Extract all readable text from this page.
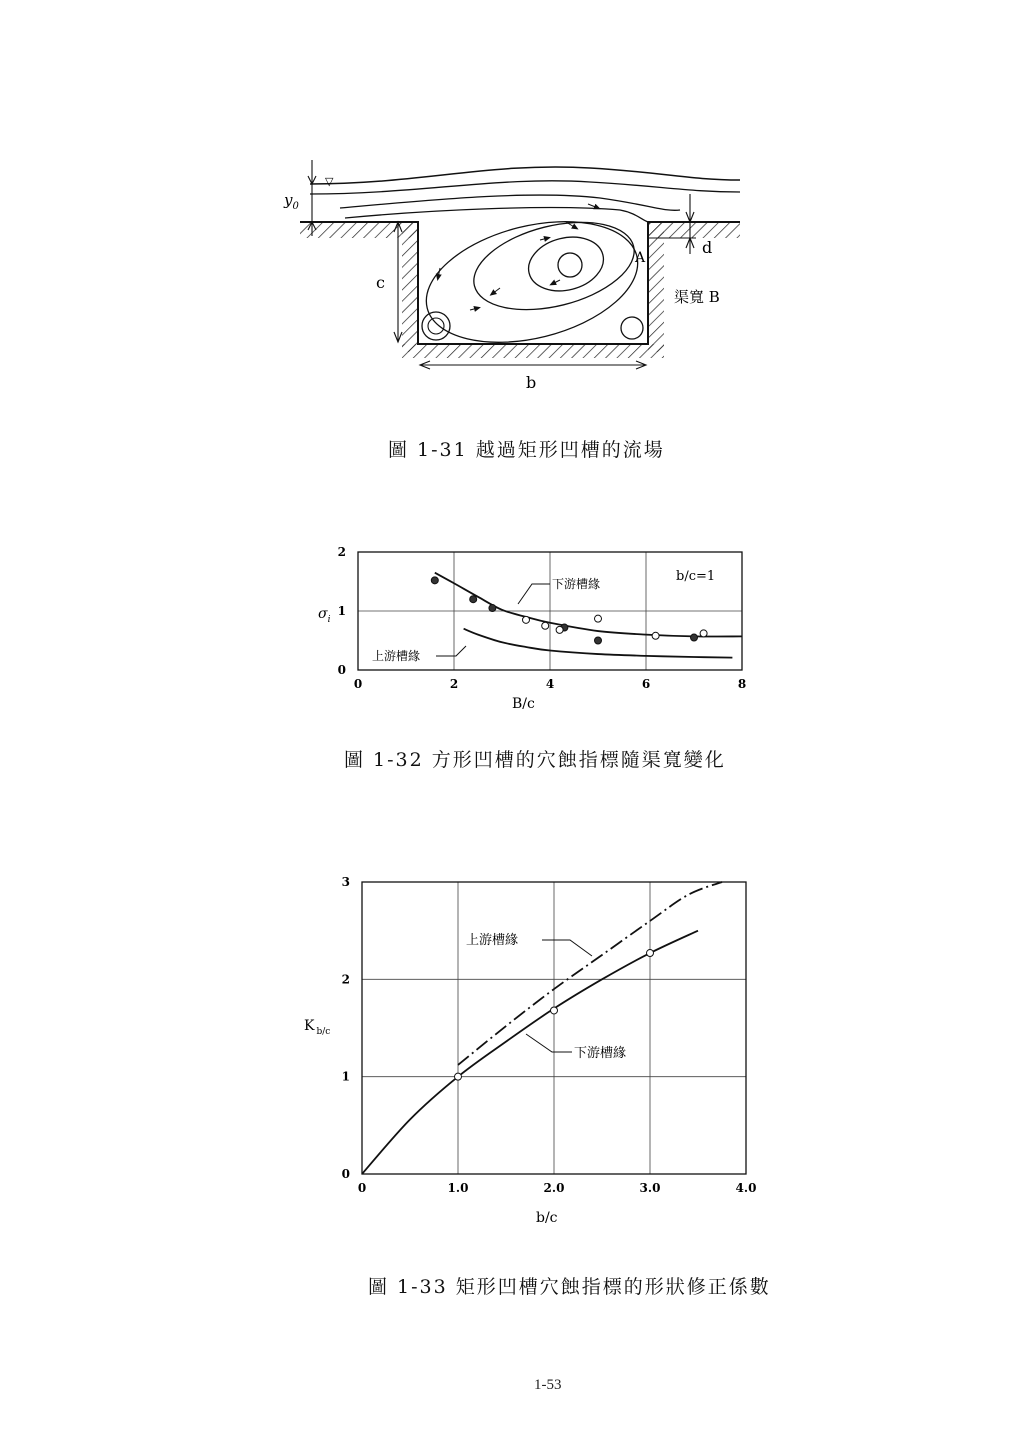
▽
$y_0$
c
b
d
A
渠寬 B
圖 1-31 越過矩形凹槽的流場
0	2	4	6	8
0
1
2
下游槽緣
上游槽緣
b/c=1
$\sigma_i$
B/c
圖 1-32 方形凹槽的穴蝕指標隨渠寬變化
0	1.0	2.0	3.0	4.0
0
1
2
3
上游槽緣
下游槽緣
K $_{b/c}$
b/c
圖 1-33 矩形凹槽穴蝕指標的形狀修正係數
1-53
